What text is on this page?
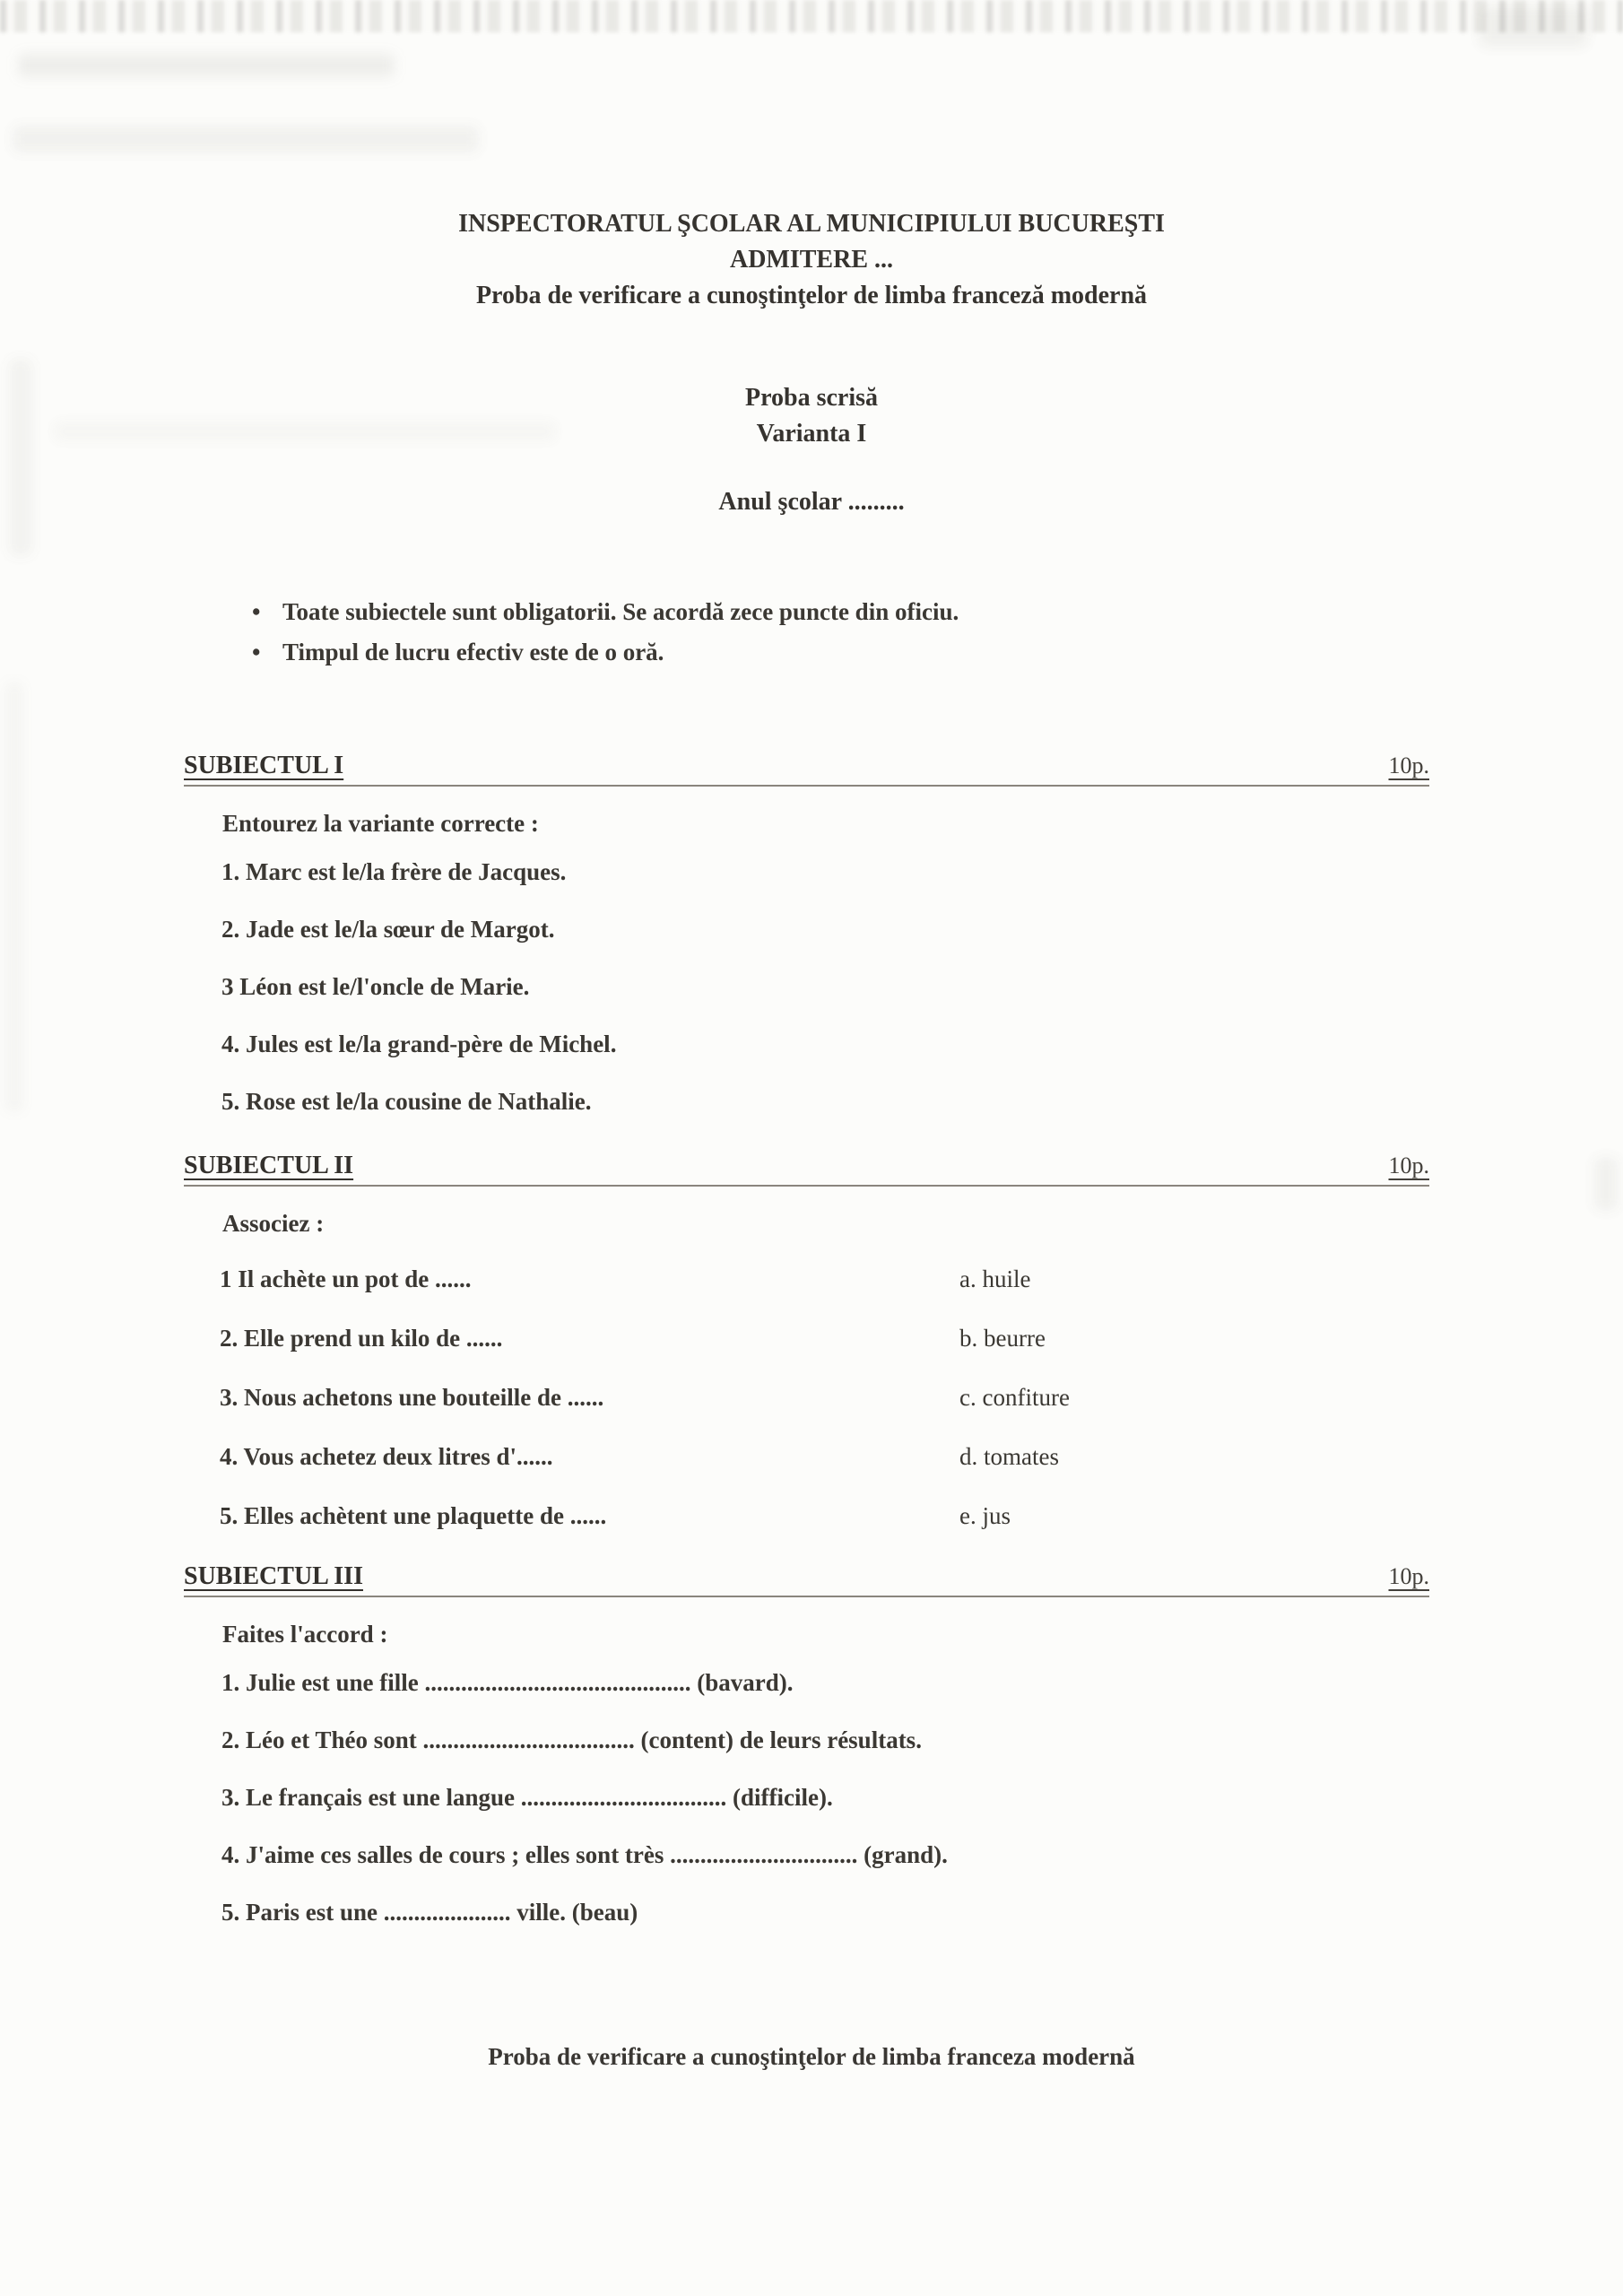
INSPECTORATUL ŞCOLAR AL MUNICIPIULUI BUCUREŞTI
ADMITERE ...
Proba de verificare a cunoştinţelor de limba franceză modernă
Proba scrisă
Varianta I
Anul şcolar .........
• Toate subiectele sunt obligatorii. Se acordă zece puncte din oficiu.
• Timpul de lucru efectiv este de o oră.
SUBIECTUL I	10p.
Entourez la variante correcte :
1. Marc est le/la frère de Jacques.
2. Jade est le/la sœur de Margot.
3 Léon est le/l'oncle de Marie.
4. Jules est le/la grand-père de Michel.
5. Rose est le/la cousine de Nathalie.
SUBIECTUL II	10p.
Associez :
1 Il achète un pot de ......	a. huile
2. Elle prend un kilo de ......	b. beurre
3. Nous achetons une bouteille de ......	c. confiture
4. Vous achetez deux litres d'......	d. tomates
5. Elles achètent une plaquette de ......	e. jus
SUBIECTUL III	10p.
Faites l'accord :
1. Julie est une fille ............................................ (bavard).
2. Léo et Théo sont ................................... (content) de leurs résultats.
3. Le français est une langue .................................. (difficile).
4. J'aime ces salles de cours ; elles sont très ............................... (grand).
5. Paris est une ..................... ville. (beau)
Proba de verificare a cunoştinţelor de limba franceza modernă
